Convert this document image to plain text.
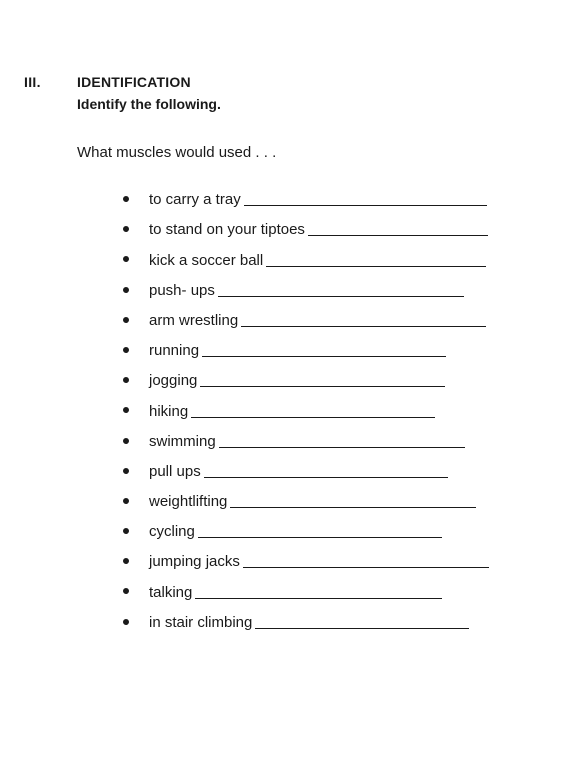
III.	IDENTIFICATION
Identify the following.
What muscles would used . . .
to carry a tray
to stand on your tiptoes
kick a soccer ball
push- ups
arm wrestling
running
jogging
hiking
swimming
pull ups
weightlifting
cycling
jumping jacks
talking
in stair climbing
